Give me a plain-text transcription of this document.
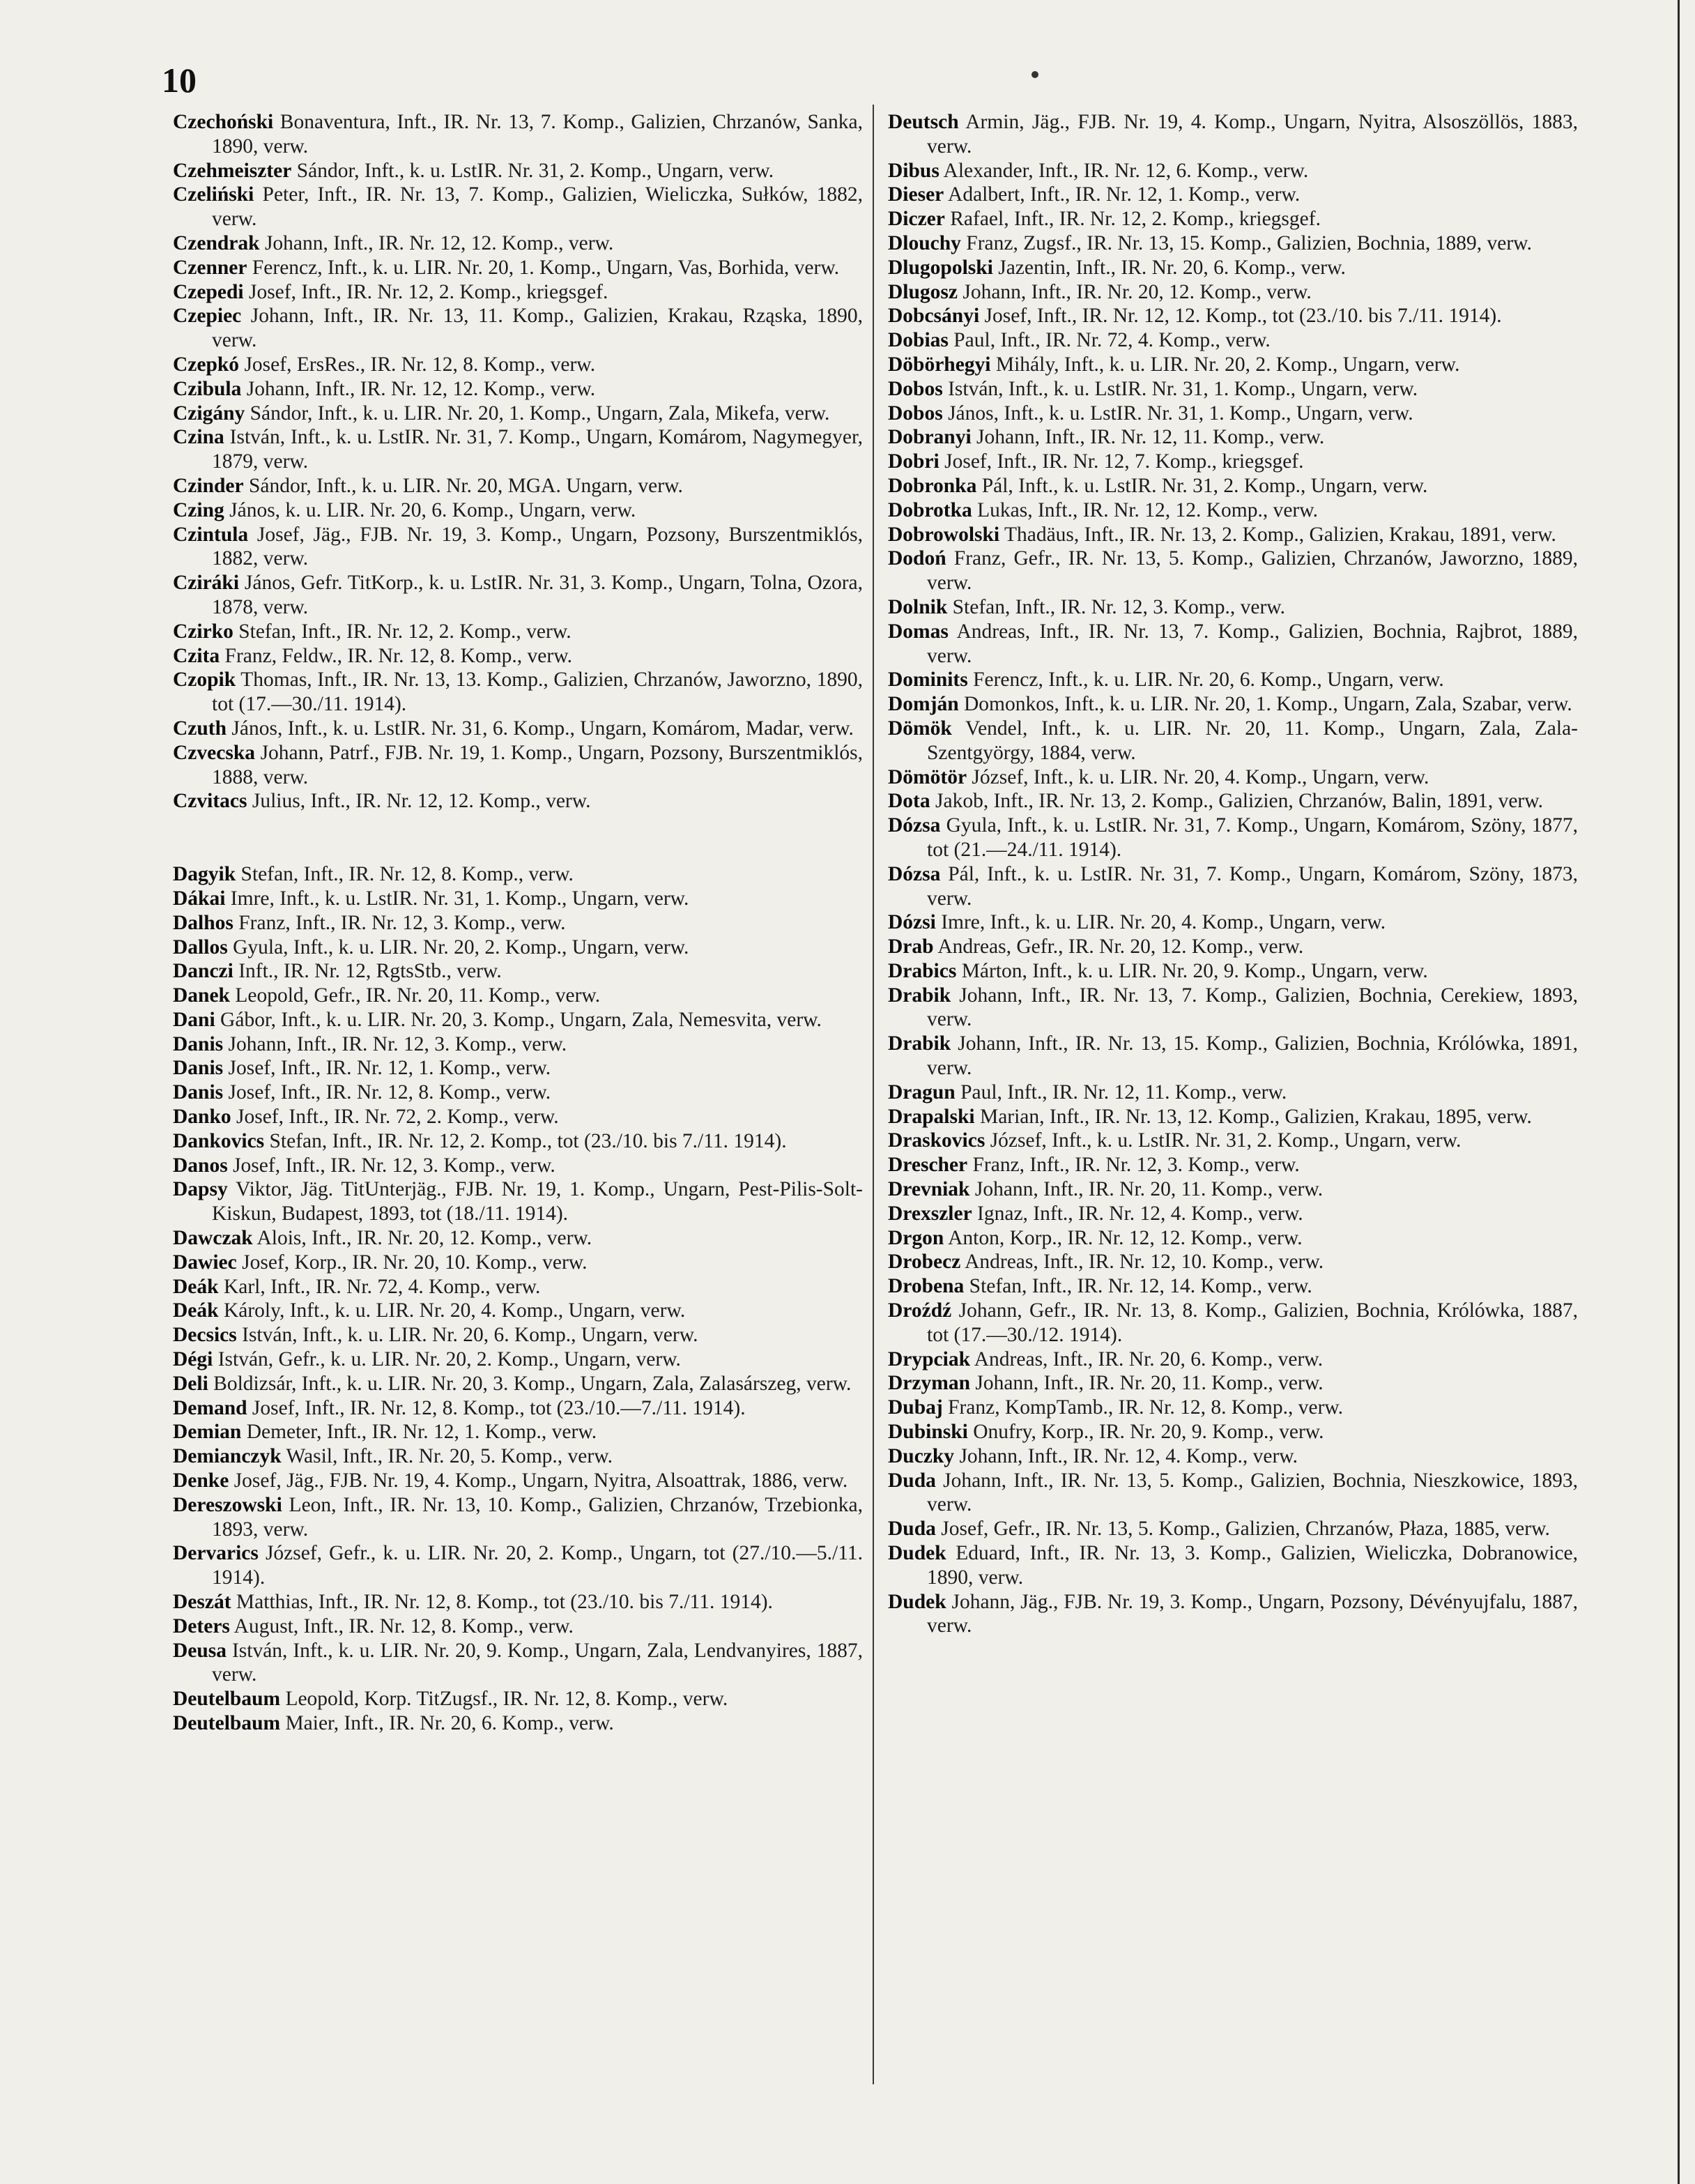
10

Czechoński Bonaventura, Inft., IR. Nr. 13, 7. Komp., Galizien, Chrzanów, Sanka, 1890, verw.

Czehmeiszter Sándor, Inft., k. u. LstIR. Nr. 31, 2. Komp., Ungarn, verw.

Czeliński Peter, Inft., IR. Nr. 13, 7. Komp., Galizien, Wieliczka, Sułków, 1882, verw.

Czendrak Johann, Inft., IR. Nr. 12, 12. Komp., verw.

Czenner Ferencz, Inft., k. u. LIR. Nr. 20, 1. Komp., Ungarn, Vas, Borhida, verw.

Czepedi Josef, Inft., IR. Nr. 12, 2. Komp., kriegsgef.

Czepiec Johann, Inft., IR. Nr. 13, 11. Komp., Galizien, Krakau, Rząska, 1890, verw.

Czepkó Josef, ErsRes., IR. Nr. 12, 8. Komp., verw.

Czibula Johann, Inft., IR. Nr. 12, 12. Komp., verw.

Czigány Sándor, Inft., k. u. LIR. Nr. 20, 1. Komp., Ungarn, Zala, Mikefa, verw.

Czina István, Inft., k. u. LstIR. Nr. 31, 7. Komp., Ungarn, Komárom, Nagymegyer, 1879, verw.

Czinder Sándor, Inft., k. u. LIR. Nr. 20, MGA. Ungarn, verw.

Czing János, k. u. LIR. Nr. 20, 6. Komp., Ungarn, verw.

Czintula Josef, Jäg., FJB. Nr. 19, 3. Komp., Ungarn, Pozsony, Burszentmiklós, 1882, verw.

Cziráki János, Gefr. TitKorp., k. u. LstIR. Nr. 31, 3. Komp., Ungarn, Tolna, Ozora, 1878, verw.

Czirko Stefan, Inft., IR. Nr. 12, 2. Komp., verw.

Czita Franz, Feldw., IR. Nr. 12, 8. Komp., verw.

Czopik Thomas, Inft., IR. Nr. 13, 13. Komp., Galizien, Chrzanów, Jaworzno, 1890, tot (17.—30./11. 1914).

Czuth János, Inft., k. u. LstIR. Nr. 31, 6. Komp., Ungarn, Komárom, Madar, verw.

Czvecska Johann, Patrf., FJB. Nr. 19, 1. Komp., Ungarn, Pozsony, Burszentmiklós, 1888, verw.

Czvitacs Julius, Inft., IR. Nr. 12, 12. Komp., verw.

Dagyik Stefan, Inft., IR. Nr. 12, 8. Komp., verw.

Dákai Imre, Inft., k. u. LstIR. Nr. 31, 1. Komp., Ungarn, verw.

Dalhos Franz, Inft., IR. Nr. 12, 3. Komp., verw.

Dallos Gyula, Inft., k. u. LIR. Nr. 20, 2. Komp., Ungarn, verw.

Danczi Inft., IR. Nr. 12, RgtsStb., verw.

Danek Leopold, Gefr., IR. Nr. 20, 11. Komp., verw.

Dani Gábor, Inft., k. u. LIR. Nr. 20, 3. Komp., Ungarn, Zala, Nemesvita, verw.

Danis Johann, Inft., IR. Nr. 12, 3. Komp., verw.

Danis Josef, Inft., IR. Nr. 12, 1. Komp., verw.

Danis Josef, Inft., IR. Nr. 12, 8. Komp., verw.

Danko Josef, Inft., IR. Nr. 72, 2. Komp., verw.

Dankovics Stefan, Inft., IR. Nr. 12, 2. Komp., tot (23./10. bis 7./11. 1914).

Danos Josef, Inft., IR. Nr. 12, 3. Komp., verw.

Dapsy Viktor, Jäg. TitUnterjäg., FJB. Nr. 19, 1. Komp., Ungarn, Pest-Pilis-Solt-Kiskun, Budapest, 1893, tot (18./11. 1914).

Dawczak Alois, Inft., IR. Nr. 20, 12. Komp., verw.

Dawiec Josef, Korp., IR. Nr. 20, 10. Komp., verw.

Deák Karl, Inft., IR. Nr. 72, 4. Komp., verw.

Deák Károly, Inft., k. u. LIR. Nr. 20, 4. Komp., Ungarn, verw.

Decsics István, Inft., k. u. LIR. Nr. 20, 6. Komp., Ungarn, verw.

Dégi István, Gefr., k. u. LIR. Nr. 20, 2. Komp., Ungarn, verw.

Deli Boldizsár, Inft., k. u. LIR. Nr. 20, 3. Komp., Ungarn, Zala, Zalasárszeg, verw.

Demand Josef, Inft., IR. Nr. 12, 8. Komp., tot (23./10.—7./11. 1914).

Demian Demeter, Inft., IR. Nr. 12, 1. Komp., verw.

Demianczyk Wasil, Inft., IR. Nr. 20, 5. Komp., verw.

Denke Josef, Jäg., FJB. Nr. 19, 4. Komp., Ungarn, Nyitra, Alsoattrak, 1886, verw.

Dereszowski Leon, Inft., IR. Nr. 13, 10. Komp., Galizien, Chrzanów, Trzebionka, 1893, verw.

Dervarics József, Gefr., k. u. LIR. Nr. 20, 2. Komp., Ungarn, tot (27./10.—5./11. 1914).

Deszát Matthias, Inft., IR. Nr. 12, 8. Komp., tot (23./10. bis 7./11. 1914).

Deters August, Inft., IR. Nr. 12, 8. Komp., verw.

Deusa István, Inft., k. u. LIR. Nr. 20, 9. Komp., Ungarn, Zala, Lendvanyires, 1887, verw.

Deutelbaum Leopold, Korp. TitZugsf., IR. Nr. 12, 8. Komp., verw.

Deutelbaum Maier, Inft., IR. Nr. 20, 6. Komp., verw.

Deutsch Armin, Jäg., FJB. Nr. 19, 4. Komp., Ungarn, Nyitra, Alsoszöllös, 1883, verw.

Dibus Alexander, Inft., IR. Nr. 12, 6. Komp., verw.

Dieser Adalbert, Inft., IR. Nr. 12, 1. Komp., verw.

Diczer Rafael, Inft., IR. Nr. 12, 2. Komp., kriegsgef.

Dlouchy Franz, Zugsf., IR. Nr. 13, 15. Komp., Galizien, Bochnia, 1889, verw.

Dlugopolski Jazentin, Inft., IR. Nr. 20, 6. Komp., verw.

Dlugosz Johann, Inft., IR. Nr. 20, 12. Komp., verw.

Dobcsányi Josef, Inft., IR. Nr. 12, 12. Komp., tot (23./10. bis 7./11. 1914).

Dobias Paul, Inft., IR. Nr. 72, 4. Komp., verw.

Döbörhegyi Mihály, Inft., k. u. LIR. Nr. 20, 2. Komp., Ungarn, verw.

Dobos István, Inft., k. u. LstIR. Nr. 31, 1. Komp., Ungarn, verw.

Dobos János, Inft., k. u. LstIR. Nr. 31, 1. Komp., Ungarn, verw.

Dobranyi Johann, Inft., IR. Nr. 12, 11. Komp., verw.

Dobri Josef, Inft., IR. Nr. 12, 7. Komp., kriegsgef.

Dobronka Pál, Inft., k. u. LstIR. Nr. 31, 2. Komp., Ungarn, verw.

Dobrotka Lukas, Inft., IR. Nr. 12, 12. Komp., verw.

Dobrowolski Thadäus, Inft., IR. Nr. 13, 2. Komp., Galizien, Krakau, 1891, verw.

Dodoń Franz, Gefr., IR. Nr. 13, 5. Komp., Galizien, Chrzanów, Jaworzno, 1889, verw.

Dolnik Stefan, Inft., IR. Nr. 12, 3. Komp., verw.

Domas Andreas, Inft., IR. Nr. 13, 7. Komp., Galizien, Bochnia, Rajbrot, 1889, verw.

Dominits Ferencz, Inft., k. u. LIR. Nr. 20, 6. Komp., Ungarn, verw.

Domján Domonkos, Inft., k. u. LIR. Nr. 20, 1. Komp., Ungarn, Zala, Szabar, verw.

Dömök Vendel, Inft., k. u. LIR. Nr. 20, 11. Komp., Ungarn, Zala, Zala-Szentgyörgy, 1884, verw.

Dömötör József, Inft., k. u. LIR. Nr. 20, 4. Komp., Ungarn, verw.

Dota Jakob, Inft., IR. Nr. 13, 2. Komp., Galizien, Chrzanów, Balin, 1891, verw.

Dózsa Gyula, Inft., k. u. LstIR. Nr. 31, 7. Komp., Ungarn, Komárom, Szöny, 1877, tot (21.—24./11. 1914).

Dózsa Pál, Inft., k. u. LstIR. Nr. 31, 7. Komp., Ungarn, Komárom, Szöny, 1873, verw.

Dózsi Imre, Inft., k. u. LIR. Nr. 20, 4. Komp., Ungarn, verw.

Drab Andreas, Gefr., IR. Nr. 20, 12. Komp., verw.

Drabics Márton, Inft., k. u. LIR. Nr. 20, 9. Komp., Ungarn, verw.

Drabik Johann, Inft., IR. Nr. 13, 7. Komp., Galizien, Bochnia, Cerekiew, 1893, verw.

Drabik Johann, Inft., IR. Nr. 13, 15. Komp., Galizien, Bochnia, Królówka, 1891, verw.

Dragun Paul, Inft., IR. Nr. 12, 11. Komp., verw.

Drapalski Marian, Inft., IR. Nr. 13, 12. Komp., Galizien, Krakau, 1895, verw.

Draskovics József, Inft., k. u. LstIR. Nr. 31, 2. Komp., Ungarn, verw.

Drescher Franz, Inft., IR. Nr. 12, 3. Komp., verw.

Drevniak Johann, Inft., IR. Nr. 20, 11. Komp., verw.

Drexszler Ignaz, Inft., IR. Nr. 12, 4. Komp., verw.

Drgon Anton, Korp., IR. Nr. 12, 12. Komp., verw.

Drobecz Andreas, Inft., IR. Nr. 12, 10. Komp., verw.

Drobena Stefan, Inft., IR. Nr. 12, 14. Komp., verw.

Droźdź Johann, Gefr., IR. Nr. 13, 8. Komp., Galizien, Bochnia, Królówka, 1887, tot (17.—30./12. 1914).

Drypciak Andreas, Inft., IR. Nr. 20, 6. Komp., verw.

Drzyman Johann, Inft., IR. Nr. 20, 11. Komp., verw.

Dubaj Franz, KompTamb., IR. Nr. 12, 8. Komp., verw.

Dubinski Onufry, Korp., IR. Nr. 20, 9. Komp., verw.

Duczky Johann, Inft., IR. Nr. 12, 4. Komp., verw.

Duda Johann, Inft., IR. Nr. 13, 5. Komp., Galizien, Bochnia, Nieszkowice, 1893, verw.

Duda Josef, Gefr., IR. Nr. 13, 5. Komp., Galizien, Chrzanów, Płaza, 1885, verw.

Dudek Eduard, Inft., IR. Nr. 13, 3. Komp., Galizien, Wieliczka, Dobranowice, 1890, verw.

Dudek Johann, Jäg., FJB. Nr. 19, 3. Komp., Ungarn, Pozsony, Dévényujfalu, 1887, verw.
